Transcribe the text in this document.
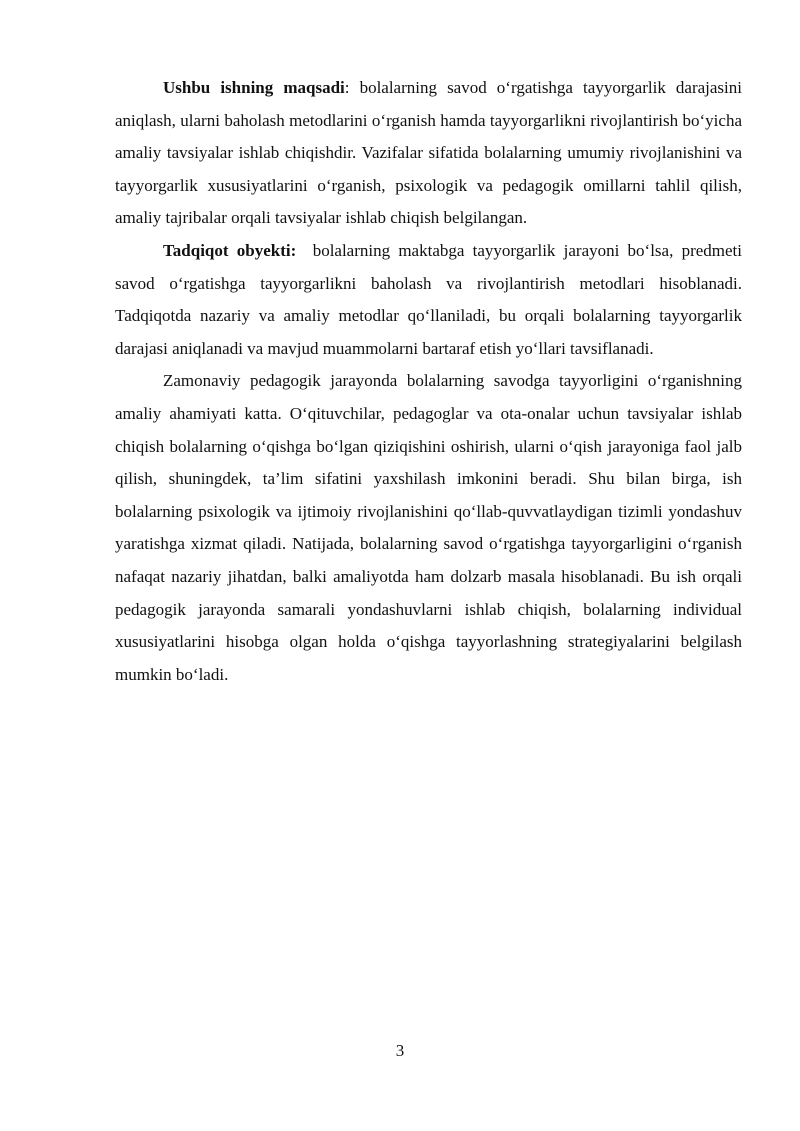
Ushbu ishning maqsadi: bolalarning savod o‘rgatishga tayyorgarlik darajasini aniqlash, ularni baholash metodlarini o‘rganish hamda tayyorgarlikni rivojlantirish bo‘yicha amaliy tavsiyalar ishlab chiqishdir. Vazifalar sifatida bolalarning umumiy rivojlanishini va tayyorgarlik xususiyatlarini o‘rganish, psixologik va pedagogik omillarni tahlil qilish, amaliy tajribalar orqali tavsiyalar ishlab chiqish belgilangan.

Tadqiqot obyekti:  bolalarning maktabga tayyorgarlik jarayoni bo‘lsa, predmeti savod o‘rgatishga tayyorgarlikni baholash va rivojlantirish metodlari hisoblanadi. Tadqiqotda nazariy va amaliy metodlar qo‘llaniladi, bu orqali bolalarning tayyorgarlik darajasi aniqlanadi va mavjud muammolarni bartaraf etish yo‘llari tavsiflanadi.

Zamonaviy pedagogik jarayonda bolalarning savodga tayyorligini o‘rganishning amaliy ahamiyati katta. O‘qituvchilar, pedagoglar va ota-onalar uchun tavsiyalar ishlab chiqish bolalarning o‘qishga bo‘lgan qiziqishini oshirish, ularni o‘qish jarayoniga faol jalb qilish, shuningdek, ta’lim sifatini yaxshilash imkonini beradi. Shu bilan birga, ish bolalarning psixologik va ijtimoiy rivojlanishini qo‘llab-quvvatlaydigan tizimli yondashuv yaratishga xizmat qiladi. Natijada, bolalarning savod o‘rgatishga tayyorgarligini o‘rganish nafaqat nazariy jihatdan, balki amaliyotda ham dolzarb masala hisoblanadi. Bu ish orqali pedagogik jarayonda samarali yondashuvlarni ishlab chiqish, bolalarning individual xususiyatlarini hisobga olgan holda o‘qishga tayyorlashning strategiyalarini belgilash mumkin bo‘ladi.

3
